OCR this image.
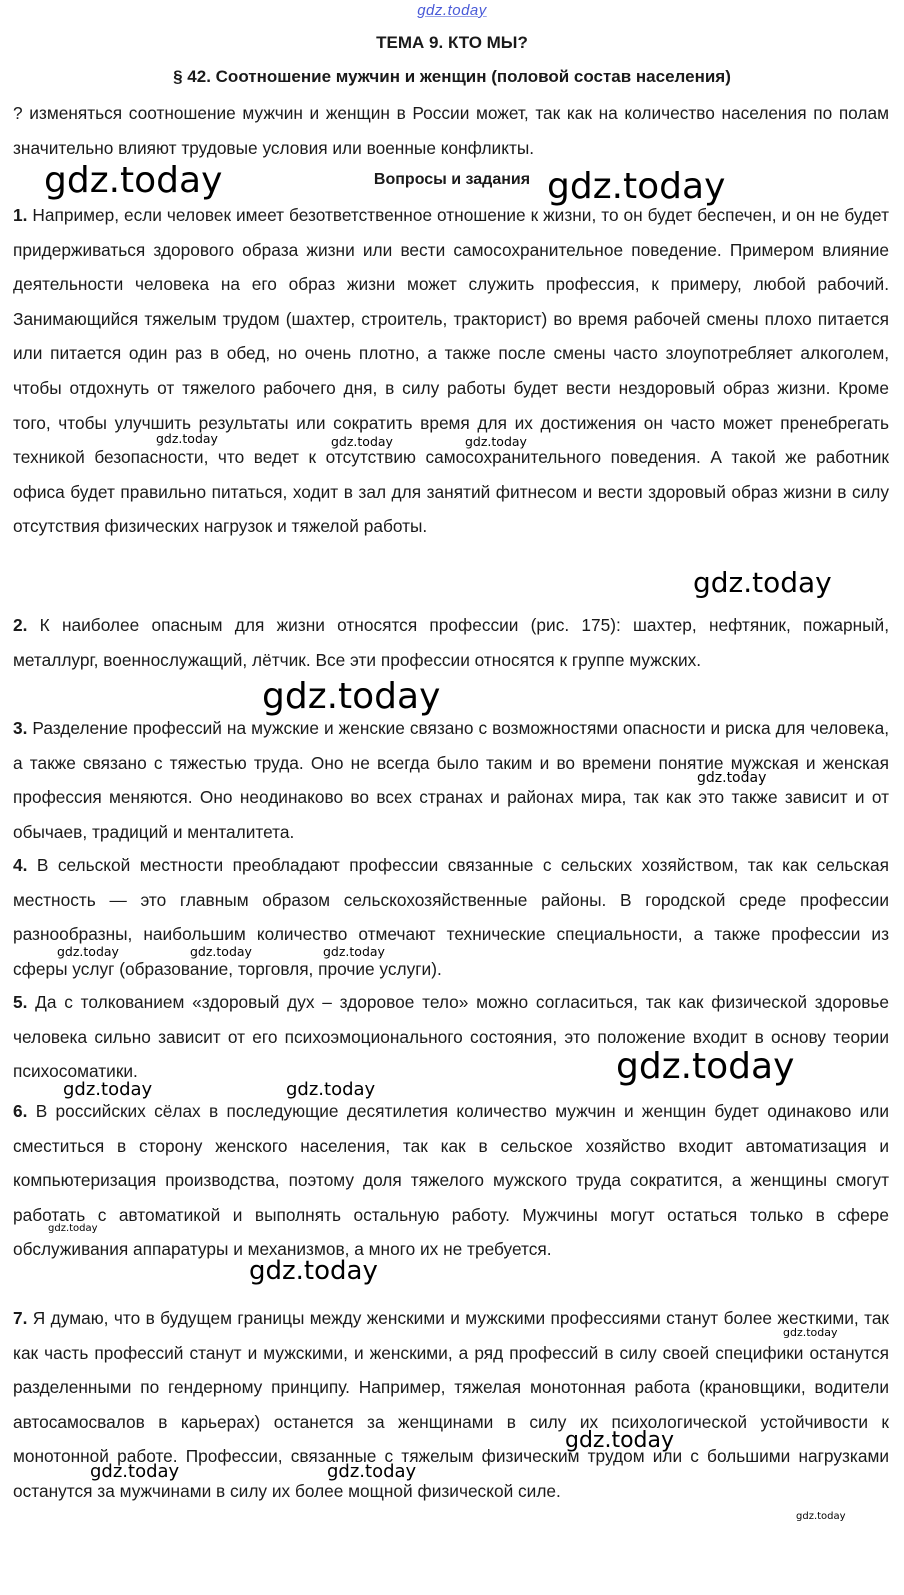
gdz.today
ТЕМА 9. КТО МЫ?
§ 42. Соотношение мужчин и женщин (половой состав населения)
? изменяться соотношение мужчин и женщин в России может, так как на количество населения по полам значительно влияют трудовые условия или военные конфликты.
Вопросы и задания
1. Например, если человек имеет безответственное отношение к жизни, то он будет беспечен, и он не будет придерживаться здорового образа жизни или вести самосохранительное поведение. Примером влияние деятельности человека на его образ жизни может служить профессия, к примеру, любой рабочий. Занимающийся тяжелым трудом (шахтер, строитель, тракторист) во время рабочей смены плохо питается или питается один раз в обед, но очень плотно, а также после смены часто злоупотребляет алкоголем, чтобы отдохнуть от тяжелого рабочего дня, в силу работы будет вести нездоровый образ жизни. Кроме того, чтобы улучшить результаты или сократить время для их достижения он часто может пренебрегать техникой безопасности, что ведет к отсутствию самосохранительного поведения. А такой же работник офиса будет правильно питаться, ходит в зал для занятий фитнесом и вести здоровый образ жизни в силу отсутствия физических нагрузок и тяжелой работы.
2. К наиболее опасным для жизни относятся профессии (рис. 175): шахтер, нефтяник, пожарный, металлург, военнослужащий, лётчик. Все эти профессии относятся к группе мужских.
3. Разделение профессий на мужские и женские связано с возможностями опасности и риска для человека, а также связано с тяжестью труда. Оно не всегда было таким и во времени понятие мужская и женская профессия меняются. Оно неодинаково во всех странах и районах мира, так как это также зависит и от обычаев, традиций и менталитета.
4. В сельской местности преобладают профессии связанные с сельских хозяйством, так как сельская местность — это главным образом сельскохозяйственные районы. В городской среде профессии разнообразны, наибольшим количество отмечают технические специальности, а также профессии из сферы услуг (образование, торговля, прочие услуги).
5. Да с толкованием «здоровый дух – здоровое тело» можно согласиться, так как физической здоровье человека сильно зависит от его психоэмоционального состояния, это положение входит в основу теории психосоматики.
6. В российских сёлах в последующие десятилетия количество мужчин и женщин будет одинаково или сместиться в сторону женского населения, так как в сельское хозяйство входит автоматизация и компьютеризация производства, поэтому доля тяжелого мужского труда сократится, а женщины смогут работать с автоматикой и выполнять остальную работу. Мужчины могут остаться только в сфере обслуживания аппаратуры и механизмов, а много их не требуется.
7. Я думаю, что в будущем границы между женскими и мужскими профессиями станут более жесткими, так как часть профессий станут и мужскими, и женскими, а ряд профессий в силу своей специфики останутся разделенными по гендерному принципу. Например, тяжелая монотонная работа (крановщики, водители автосамосвалов в карьерах) останется за женщинами в силу их психологической устойчивости к монотонной работе. Профессии, связанные с тяжелым физическим трудом или с большими нагрузками останутся за мужчинами в силу их более мощной физической силе.
gdz.today	gdz.today
gdz.today	gdz.today	gdz.today
gdz.today
gdz.today
gdz.today
gdz.today	gdz.today	gdz.today
gdz.today
gdz.today	gdz.today
gdz.today
gdz.today
gdz.today
gdz.today
gdz.today	gdz.today
gdz.today
